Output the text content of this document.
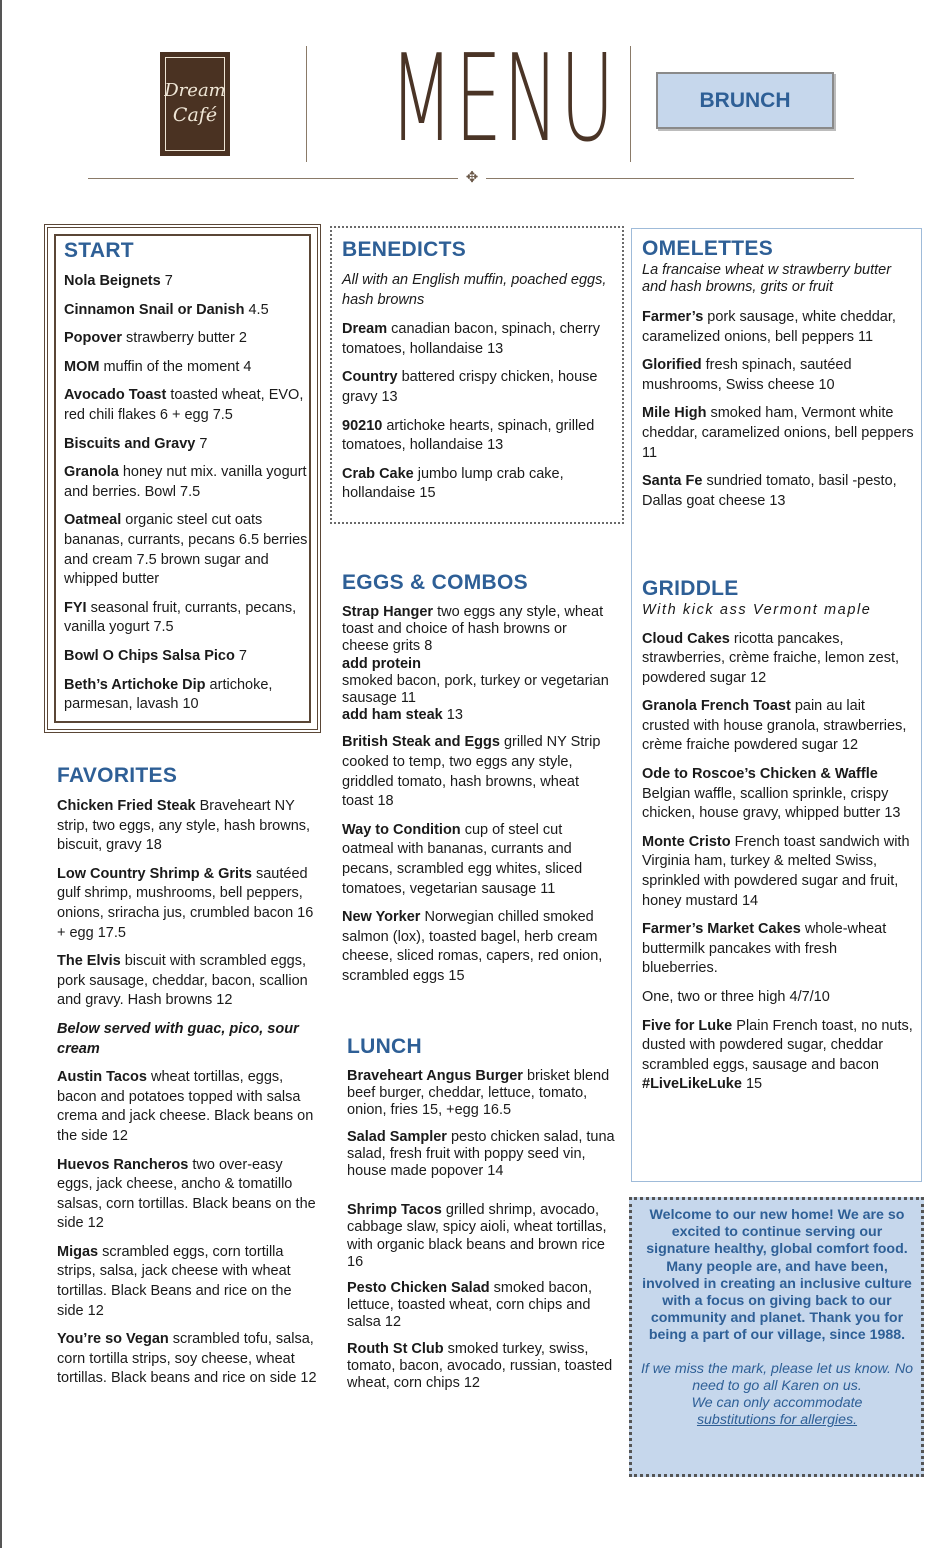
Dream
Café MENU	BRUNCH
✥
START
Nola Beignets 7
Cinnamon Snail or Danish 4.5
Popover strawberry butter 2
MOM muffin of the moment 4
Avocado Toast toasted wheat, EVO, red chili flakes 6 + egg 7.5
Biscuits and Gravy 7
Granola honey nut mix. vanilla yogurt and berries. Bowl 7.5
Oatmeal organic steel cut oats bananas, currants, pecans 6.5 berries and cream 7.5 brown sugar and whipped butter
FYI seasonal fruit, currants, pecans, vanilla yogurt 7.5
Bowl O Chips Salsa Pico 7
Beth’s Artichoke Dip artichoke, parmesan, lavash 10
FAVORITES
Chicken Fried Steak Braveheart NY strip, two eggs, any style, hash browns, biscuit, gravy 18
Low Country Shrimp & Grits sautéed gulf shrimp, mushrooms, bell peppers, onions, sriracha jus, crumbled bacon 16 + egg 17.5
The Elvis biscuit with scrambled eggs, pork sausage, cheddar, bacon, scallion and gravy. Hash browns 12
Below served with guac, pico, sour cream
Austin Tacos wheat tortillas, eggs, bacon and potatoes topped with salsa crema and jack cheese. Black beans on the side 12
Huevos Rancheros two over-easy eggs, jack cheese, ancho & tomatillo salsas, corn tortillas. Black beans on the side 12
Migas scrambled eggs, corn tortilla strips, salsa, jack cheese with wheat tortillas. Black Beans and rice on the side 12
You’re so Vegan scrambled tofu, salsa, corn tortilla strips, soy cheese, wheat tortillas. Black beans and rice on side 12
BENEDICTS
All with an English muffin, poached eggs, hash browns
Dream canadian bacon, spinach, cherry tomatoes, hollandaise 13
Country battered crispy chicken, house gravy 13
90210 artichoke hearts, spinach, grilled tomatoes, hollandaise 13
Crab Cake jumbo lump crab cake, hollandaise 15
EGGS & COMBOS
Strap Hanger two eggs any style, wheat toast and choice of hash browns or cheese grits 8
add protein
smoked bacon, pork, turkey or vegetarian sausage 11
add ham steak 13
British Steak and Eggs grilled NY Strip cooked to temp, two eggs any style, griddled tomato, hash browns, wheat toast 18
Way to Condition cup of steel cut oatmeal with bananas, currants and pecans, scrambled egg whites, sliced tomatoes, vegetarian sausage 11
New Yorker Norwegian chilled smoked salmon (lox), toasted bagel, herb cream cheese, sliced romas, capers, red onion, scrambled eggs 15
LUNCH
Braveheart Angus Burger brisket blend beef burger, cheddar, lettuce, tomato, onion, fries 15, +egg 16.5
Salad Sampler pesto chicken salad, tuna salad, fresh fruit with poppy seed vin, house made popover 14
Shrimp Tacos grilled shrimp, avocado, cabbage slaw, spicy aioli, wheat tortillas, with organic black beans and brown rice 16
Pesto Chicken Salad smoked bacon, lettuce, toasted wheat, corn chips and salsa 12
Routh St Club smoked turkey, swiss, tomato, bacon, avocado, russian, toasted wheat, corn chips 12
OMELETTES
La francaise wheat w strawberry butter and hash browns, grits or fruit
Farmer’s pork sausage, white cheddar, caramelized onions, bell peppers 11
Glorified fresh spinach, sautéed mushrooms, Swiss cheese 10
Mile High smoked ham, Vermont white cheddar, caramelized onions, bell peppers 11
Santa Fe sundried tomato, basil -pesto, Dallas goat cheese 13
GRIDDLE
With kick ass Vermont maple
Cloud Cakes ricotta pancakes, strawberries, crème fraiche, lemon zest, powdered sugar 12
Granola French Toast pain au lait crusted with house granola, strawberries, crème fraiche powdered sugar 12
Ode to Roscoe’s Chicken & Waffle Belgian waffle, scallion sprinkle, crispy chicken, house gravy, whipped butter 13
Monte Cristo French toast sandwich with Virginia ham, turkey & melted Swiss, sprinkled with powdered sugar and fruit, honey mustard 14
Farmer’s Market Cakes whole-wheat buttermilk pancakes with fresh blueberries.
One, two or three high 4/7/10
Five for Luke Plain French toast, no nuts, dusted with powdered sugar, cheddar scrambled eggs, sausage and bacon #LiveLikeLuke 15
Welcome to our new home! We are so excited to continue serving our signature healthy, global comfort food. Many people are, and have been, involved in creating an inclusive culture with a focus on giving back to our community and planet. Thank you for being a part of our village, since 1988.
If we miss the mark, please let us know. No need to go all Karen on us.
We can only accommodate
substitutions for allergies.
